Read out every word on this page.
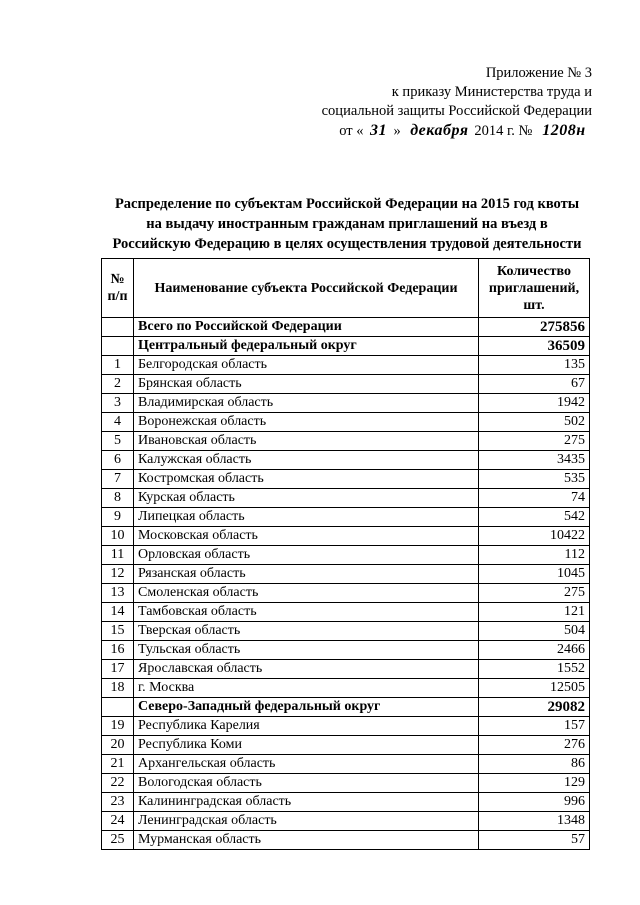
Приложение № 3
к приказу Министерства труда и
социальной защиты Российской Федерации
от « 31 » декабря 2014 г. № 1208н
Распределение по субъектам Российской Федерации на 2015 год квоты
на выдачу иностранным гражданам приглашений на въезд в
Российскую Федерацию в целях осуществления трудовой деятельности
№ п/п	Наименование субъекта Российской Федерации	Количество приглашений, шт.
	Всего по Российской Федерации	275856
	Центральный федеральный округ	36509
1	Белгородская область	135
2	Брянская область	67
3	Владимирская область	1942
4	Воронежская область	502
5	Ивановская область	275
6	Калужская область	3435
7	Костромская область	535
8	Курская область	74
9	Липецкая область	542
10	Московская область	10422
11	Орловская область	112
12	Рязанская область	1045
13	Смоленская область	275
14	Тамбовская область	121
15	Тверская область	504
16	Тульская область	2466
17	Ярославская область	1552
18	г. Москва	12505
	Северо-Западный федеральный округ	29082
19	Республика Карелия	157
20	Республика Коми	276
21	Архангельская область	86
22	Вологодская область	129
23	Калининградская область	996
24	Ленинградская область	1348
25	Мурманская область	57
